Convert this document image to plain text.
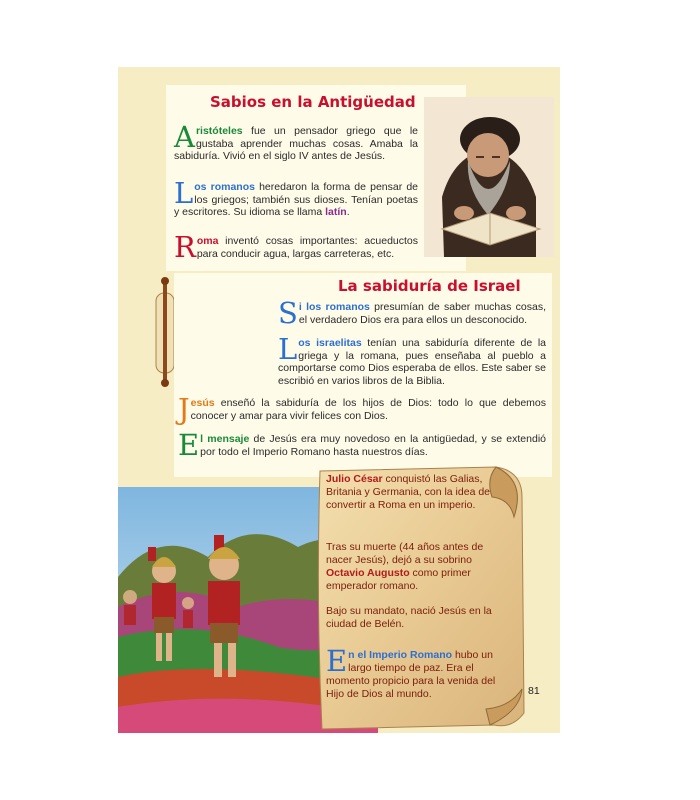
Sabios en la Antigüedad

Aristóteles fue un pensador griego que le gustaba aprender muchas cosas. Amaba la sabiduría. Vivió en el siglo IV antes de Jesús.

Los romanos heredaron la forma de pensar de los griegos; también sus dioses. Tenían poetas y escritores. Su idioma se llama latín.

Roma inventó cosas importantes: acueductos para conducir agua, largas carreteras, etc.

La sabiduría de Israel

Si los romanos presumían de saber muchas cosas, el verdadero Dios era para ellos un desconocido.

Los israelitas tenían una sabiduría diferente de la griega y la romana, pues enseñaba al pueblo a comportarse como Dios esperaba de ellos. Este saber se escribió en varios libros de la Biblia.

Jesús enseñó la sabiduría de los hijos de Dios: todo lo que debemos conocer y amar para vivir felices con Dios.

El mensaje de Jesús era muy novedoso en la antigüedad, y se extendió por todo el Imperio Romano hasta nuestros días.

Julio César conquistó las Galias, Britania y Germania, con la idea de convertir a Roma en un imperio.

Tras su muerte (44 años antes de nacer Jesús), dejó a su sobrino Octavio Augusto como primer emperador romano.

Bajo su mandato, nació Jesús en la ciudad de Belén.

En el Imperio Romano hubo un largo tiempo de paz. Era el momento propicio para la venida del Hijo de Dios al mundo.	81
